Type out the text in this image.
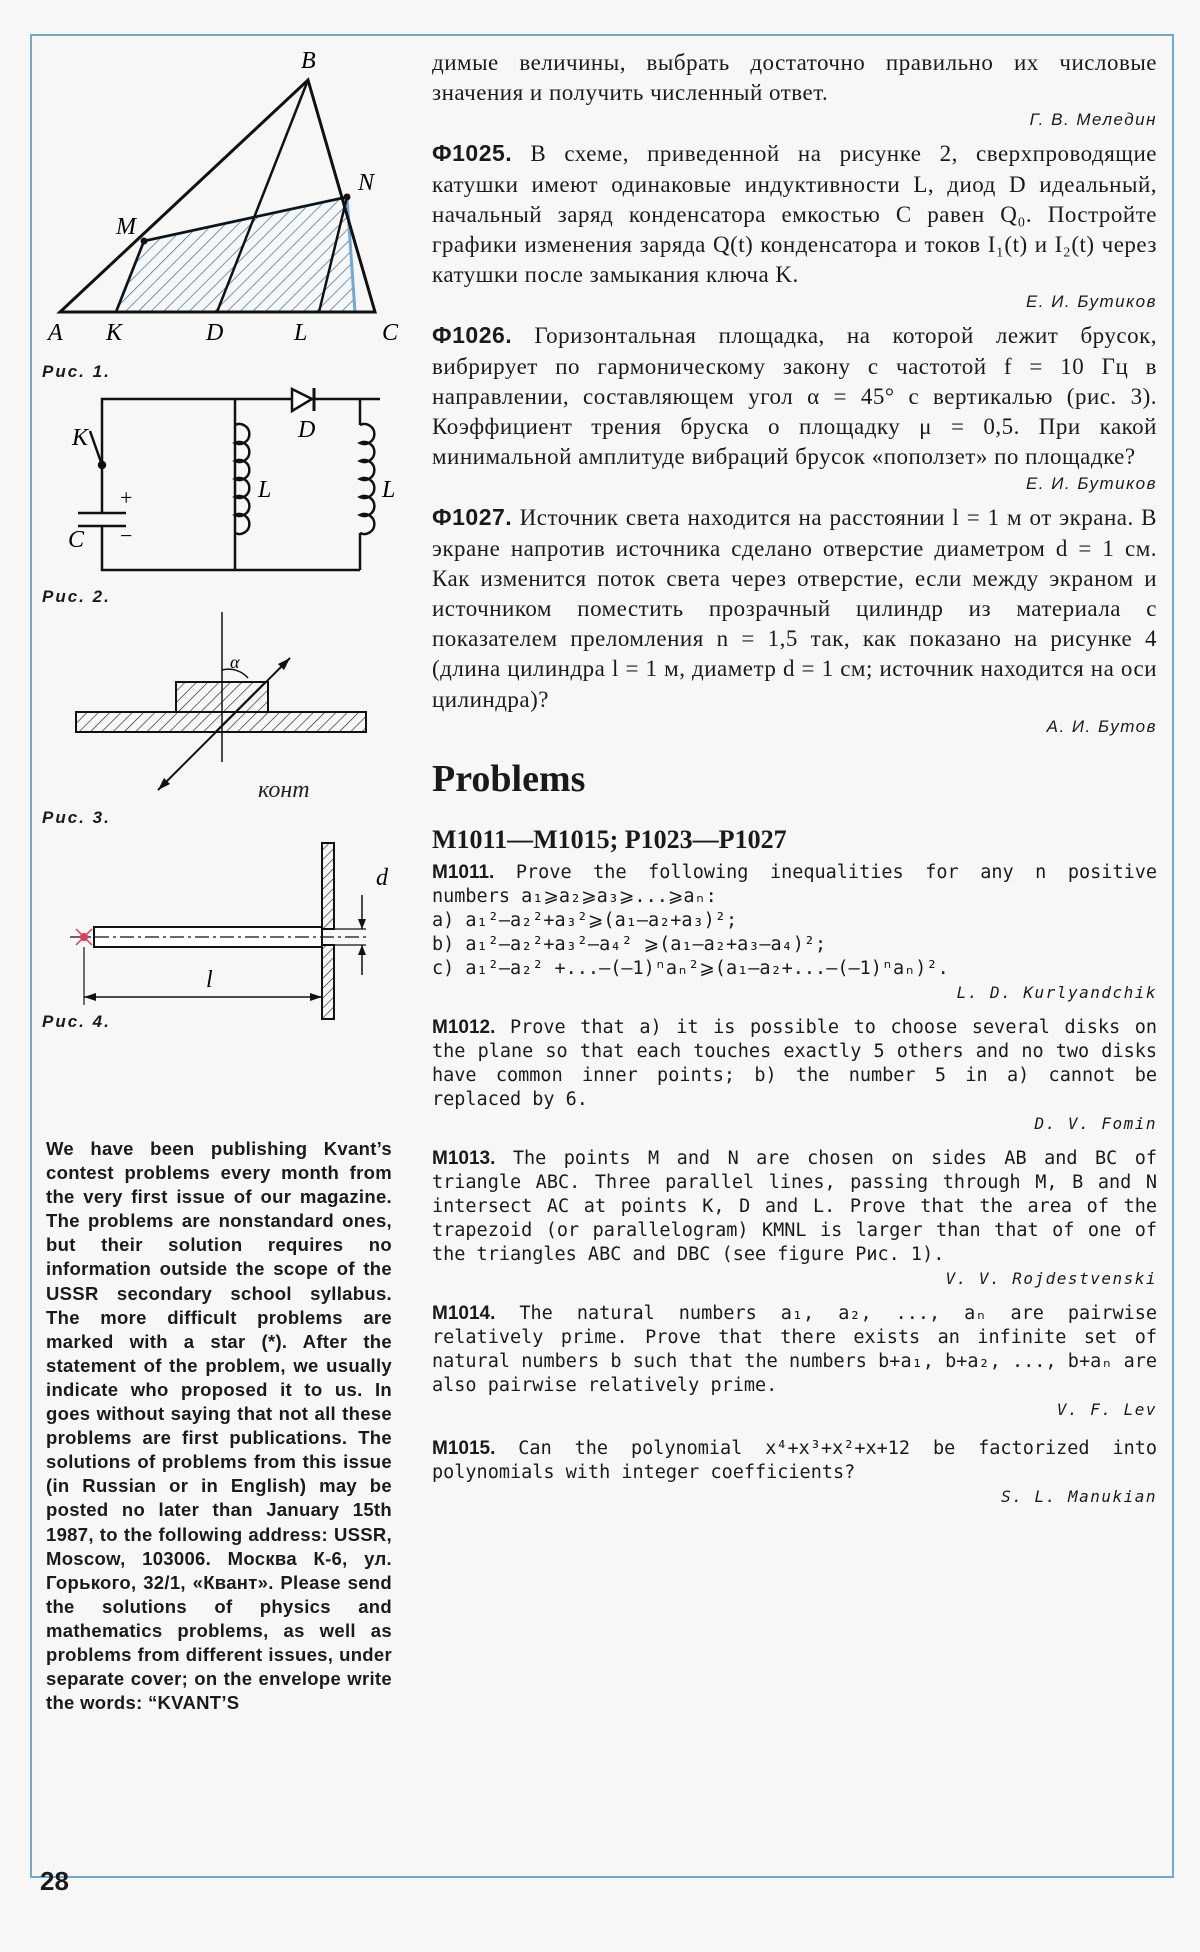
B
A K	D	L	C
M
N
Рис. 1.
K	D
L	L
C
+
−
Рис. 2.
α
конт
Рис. 3.
d
l
Рис. 4.
We have been publishing Kvant’s contest problems every month from the very first issue of our magazine. The problems are nonstandard ones, but their solution requires no information outside the scope of the USSR secondary school syllabus. The more difficult problems are marked with a star (*). After the statement of the problem, we usually indicate who proposed it to us. In goes without saying that not all these problems are first publications. The solutions of problems from this issue (in Russian or in English) may be posted no later than January 15th 1987, to the following address: USSR, Moscow, 103006. Москва К-6, ул. Горького, 32/1, «Квант». Please send the solutions of physics and mathematics problems, as well as problems from different issues, under separate cover; on the envelope write the words: “KVANT’S

димые величины, выбрать достаточно правильно их числовые значения и получить численный ответ.

Г. В. Меледин

Ф1025. В схеме, приведенной на рисунке 2, сверхпроводящие катушки имеют одинаковые индуктивности L, диод D идеальный, начальный заряд конденсатора емкостью C равен Q₀. Постройте графики изменения заряда Q(t) конденсатора и токов I₁(t) и I₂(t) через катушки после замыкания ключа K.

Е. И. Бутиков

Ф1026. Горизонтальная площадка, на которой лежит брусок, вибрирует по гармоническому закону с частотой f = 10 Гц в направлении, составляющем угол α = 45° с вертикалью (рис. 3). Коэффициент трения бруска о площадку μ = 0,5. При какой минимальной амплитуде вибраций брусок «поползет» по площадке?

Е. И. Бутиков

Ф1027. Источник света находится на расстоянии l = 1 м от экрана. В экране напротив источника сделано отверстие диаметром d = 1 см. Как изменится поток света через отверстие, если между экраном и источником поместить прозрачный цилиндр из материала с показателем преломления n = 1,5 так, как показано на рисунке 4 (длина цилиндра l = 1 м, диаметр d = 1 см; источник находится на оси цилиндра)?

А. И. Бутов
Problems
M1011—M1015; P1023—P1027

M1011. Prove the following inequalities for any n positive numbers a₁⩾a₂⩾a₃⩾...⩾aₙ:

a) a₁²—a₂²+a₃²⩾(a₁—a₂+a₃)²;
b) a₁²—a₂²+a₃²—a₄² ⩾(a₁—a₂+a₃—a₄)²;
c) a₁²—a₂² +...—(—1)ⁿaₙ²⩾(a₁—a₂+...—(—1)ⁿaₙ)².
L. D. Kurlyandchik

M1012. Prove that a) it is possible to choose several disks on the plane so that each touches exactly 5 others and no two disks have common inner points; b) the number 5 in a) cannot be replaced by 6.

D. V. Fomin

M1013. The points M and N are chosen on sides AB and BC of triangle ABC. Three parallel lines, passing through M, B and N intersect AC at points K, D and L. Prove that the area of the trapezoid (or parallelogram) KMNL is larger than that of one of the triangles ABC and DBC (see figure Рис. 1).

V. V. Rojdestvenski

M1014. The natural numbers a₁, a₂, ..., aₙ are pairwise relatively prime. Prove that there exists an infinite set of natural numbers b such that the numbers b+a₁, b+a₂, ..., b+aₙ are also pairwise relatively prime.

V. F. Lev

M1015. Can the polynomial x⁴+x³+x²+x+12 be factorized into polynomials with integer coefficients?

S. L. Manukian
28
